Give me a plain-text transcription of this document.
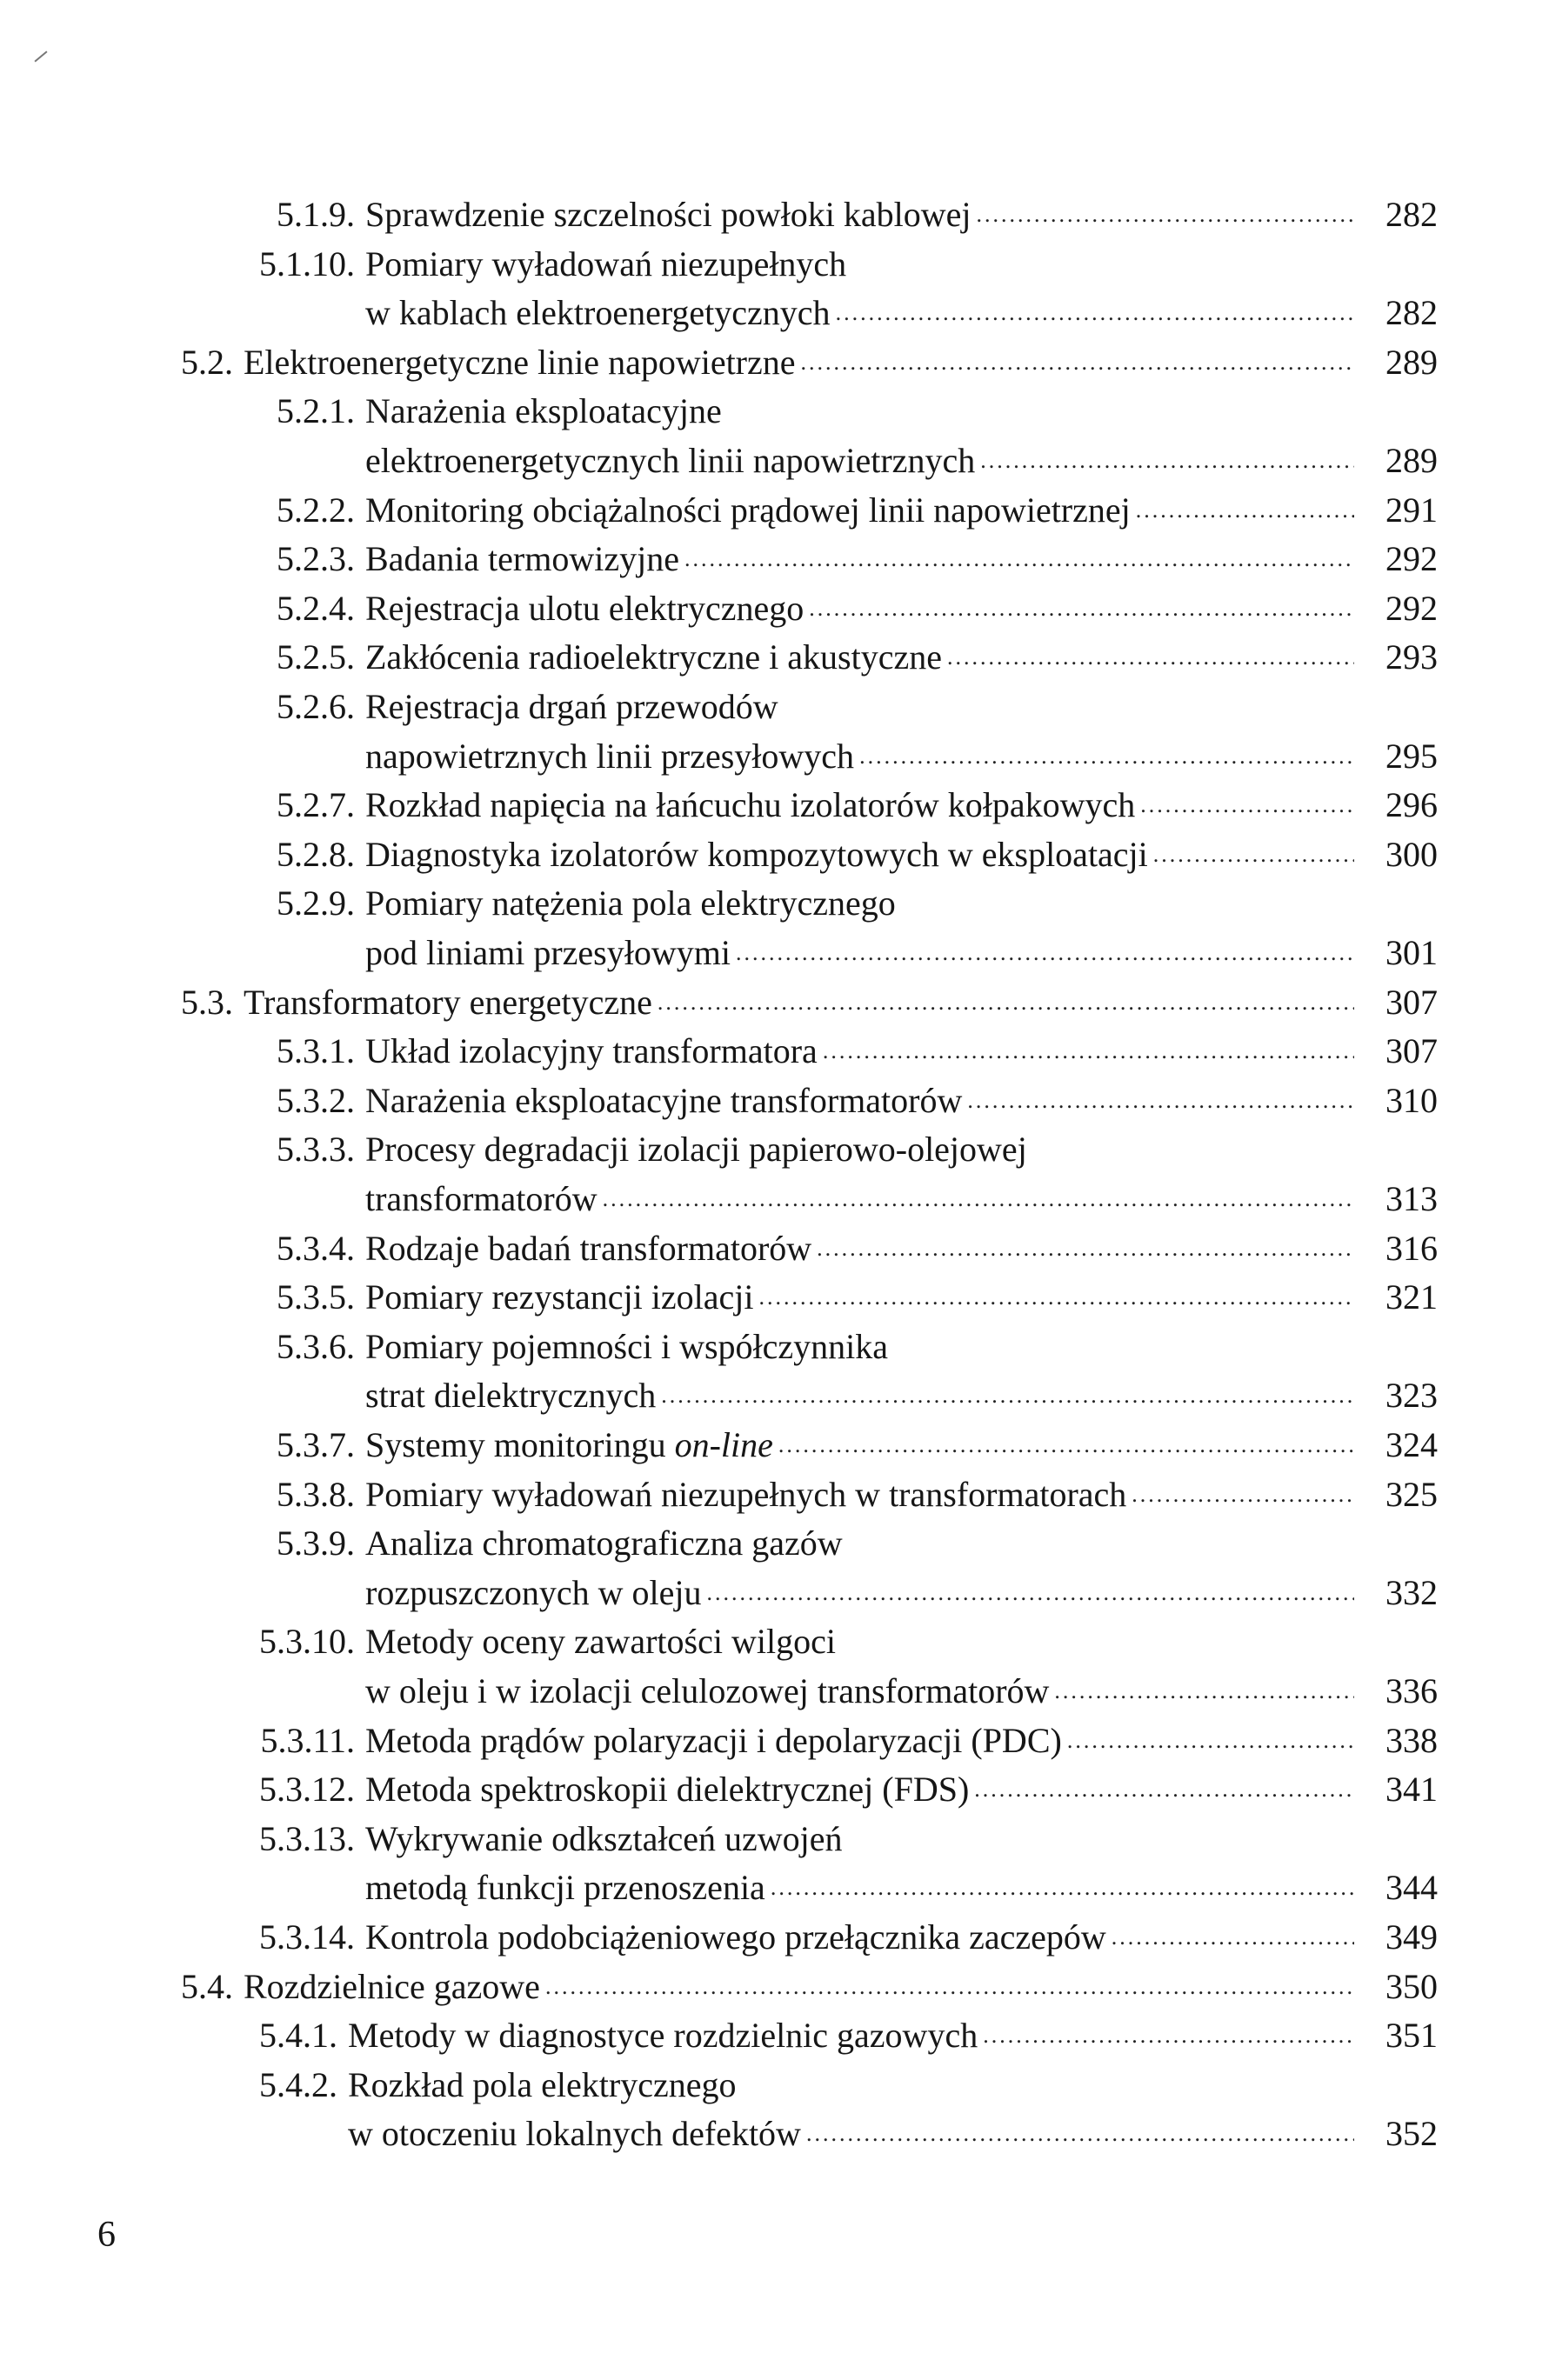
5.1.9. Sprawdzenie szczelności powłoki kablowej .....	282
5.1.10. Pomiary wyładowań niezupełnych
w kablach elektroenergetycznych .....	282
5.2. Elektroenergetyczne linie napowietrzne .....	289
5.2.1. Narażenia eksploatacyjne
elektroenergetycznych linii napowietrznych .....	289
5.2.2. Monitoring obciążalności prądowej linii napowietrznej .....	291
5.2.3. Badania termowizyjne .....	292
5.2.4. Rejestracja ulotu elektrycznego .....	292
5.2.5. Zakłócenia radioelektryczne i akustyczne .....	293
5.2.6. Rejestracja drgań przewodów
napowietrznych linii przesyłowych .....	295
5.2.7. Rozkład napięcia na łańcuchu izolatorów kołpakowych .....	296
5.2.8. Diagnostyka izolatorów kompozytowych w eksploatacji .....	300
5.2.9. Pomiary natężenia pola elektrycznego
pod liniami przesyłowymi .....	301
5.3. Transformatory energetyczne .....	307
5.3.1. Układ izolacyjny transformatora .....	307
5.3.2. Narażenia eksploatacyjne transformatorów .....	310
5.3.3. Procesy degradacji izolacji papierowo-olejowej
transformatorów .....	313
5.3.4. Rodzaje badań transformatorów .....	316
5.3.5. Pomiary rezystancji izolacji .....	321
5.3.6. Pomiary pojemności i współczynnika
strat dielektrycznych .....	323
5.3.7. Systemy monitoringu on-line .....	324
5.3.8. Pomiary wyładowań niezupełnych w transformatorach .....	325
5.3.9. Analiza chromatograficzna gazów
rozpuszczonych w oleju .....	332
5.3.10. Metody oceny zawartości wilgoci
w oleju i w izolacji celulozowej transformatorów .....	336
5.3.11. Metoda prądów polaryzacji i depolaryzacji (PDC) .....	338
5.3.12. Metoda spektroskopii dielektrycznej (FDS) .....	341
5.3.13. Wykrywanie odkształceń uzwojeń
metodą funkcji przenoszenia .....	344
5.3.14. Kontrola podobciążeniowego przełącznika zaczepów .....	349
5.4. Rozdzielnice gazowe .....	350
5.4.1. Metody w diagnostyce rozdzielnic gazowych .....	351
5.4.2. Rozkład pola elektrycznego
w otoczeniu lokalnych defektów .....	352
6
